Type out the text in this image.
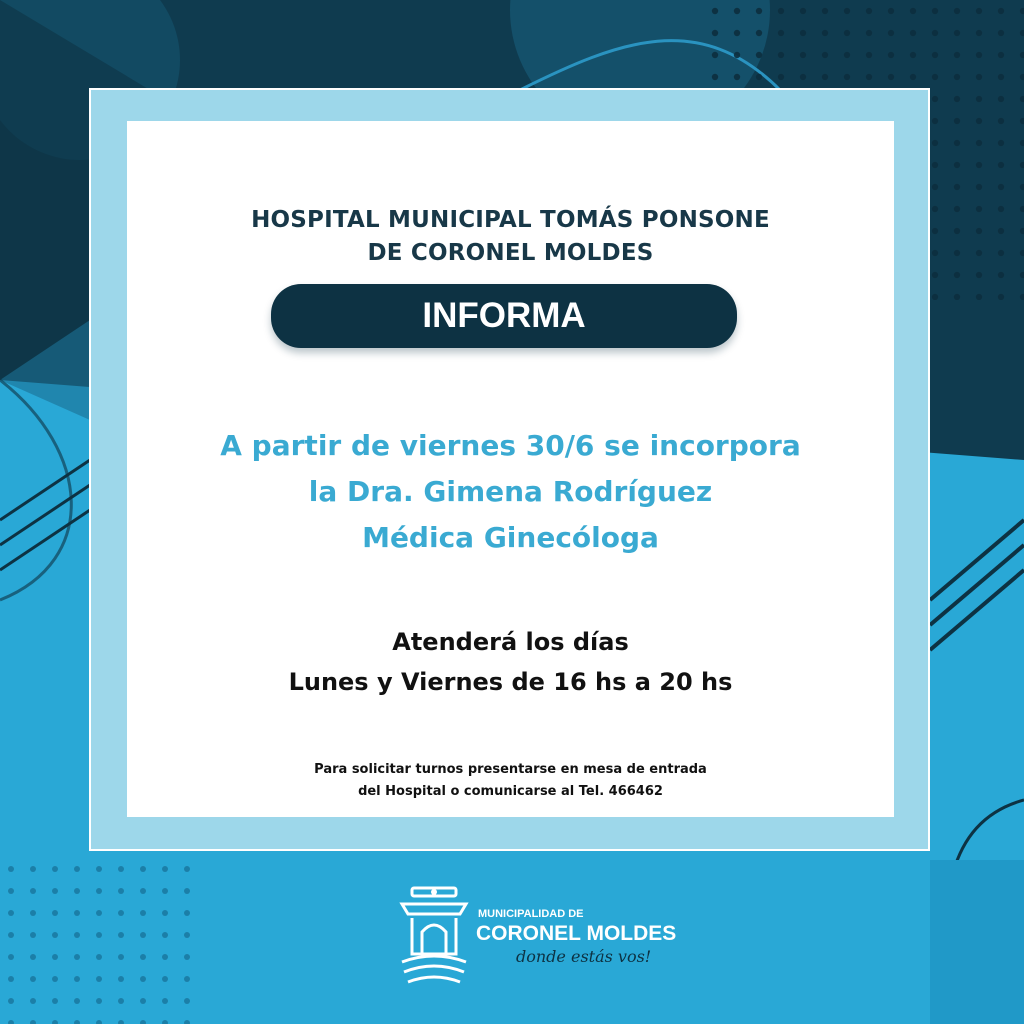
HOSPITAL MUNICIPAL TOMÁS PONSONE
DE CORONEL MOLDES
INFORMA

A partir de viernes 30/6 se incorpora
la Dra. Gimena Rodríguez
Médica Ginecóloga

Atenderá los días
Lunes y Viernes de 16 hs a 20 hs

Para solicitar turnos presentarse en mesa de entrada
del Hospital o comunicarse al Tel. 466462

MUNICIPALIDAD DE
CORONEL MOLDES
donde estás vos!
